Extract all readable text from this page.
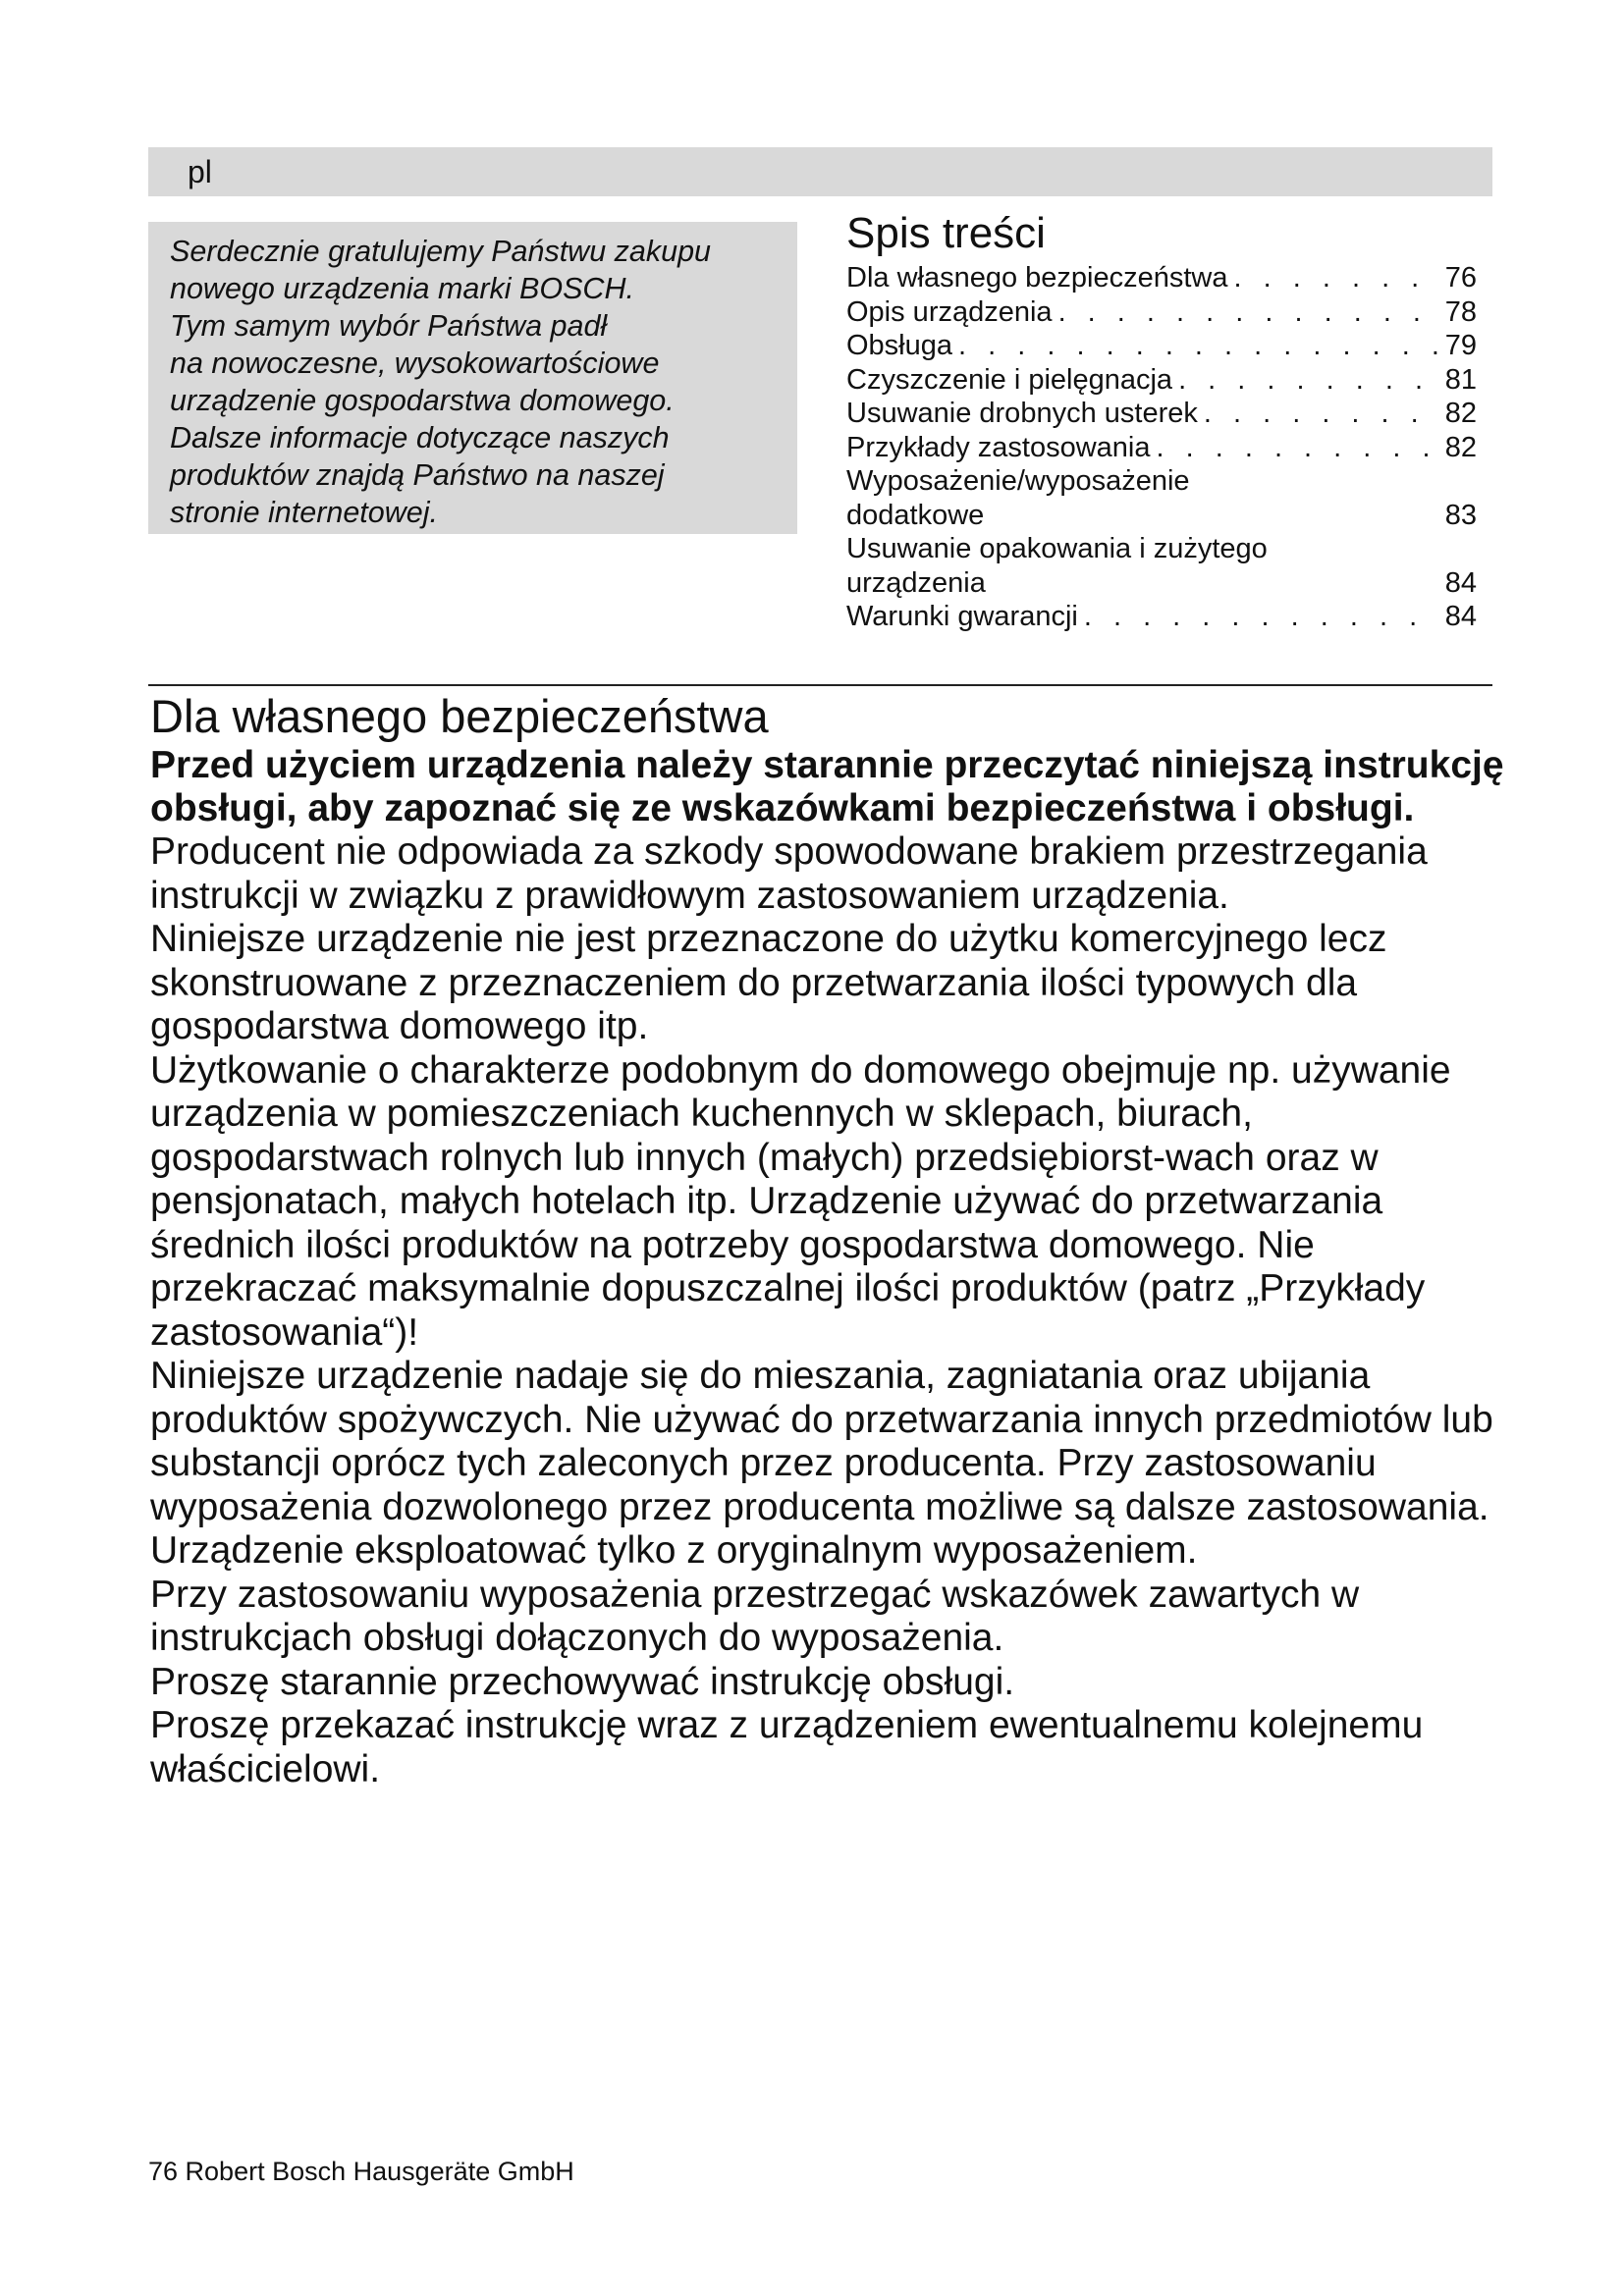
pl
Serdecznie gratulujemy Państwu zakupu
nowego urządzenia marki BOSCH.
Tym samym wybór Państwa padł
na nowoczesne, wysokowartościowe
urządzenie gospodarstwa domowego.
Dalsze informacje dotyczące naszych
produktów znajdą Państwo na naszej
stronie internetowej.
Spis treści
Dla własnego bezpieczeństwa . . .	76
Opis urządzenia . . .	78
Obsługa . . .	79
Czyszczenie i pielęgnacja . . .	81
Usuwanie drobnych usterek . . .	82
Przykłady zastosowania . . .	82
Wyposażenie/wyposażenie
dodatkowe	83
Usuwanie opakowania i zużytego
urządzenia	84
Warunki gwarancji . . .	84
Dla własnego bezpieczeństwa

Przed użyciem urządzenia należy starannie przeczytać niniejszą instrukcję obsługi, aby zapoznać się ze wskazówkami bezpieczeństwa i obsługi.

Producent nie odpowiada za szkody spowodowane brakiem przestrzegania instrukcji w związku z prawidłowym zastosowaniem urządzenia.

Niniejsze urządzenie nie jest przeznaczone do użytku komercyjnego lecz skonstruowane z przeznaczeniem do przetwarzania ilości typowych dla gospodarstwa domowego itp.

Użytkowanie o charakterze podobnym do domowego obejmuje np. używanie urządzenia w pomieszczeniach kuchennych w sklepach, biurach, gospodarstwach rolnych lub innych (małych) przedsiębiorst-wach oraz w pensjonatach, małych hotelach itp. Urządzenie używać do przetwarzania średnich ilości produktów na potrzeby gospodarstwa domowego. Nie przekraczać maksymalnie dopuszczalnej ilości produktów (patrz „Przykłady zastosowania“)!

Niniejsze urządzenie nadaje się do mieszania, zagniatania oraz ubijania produktów spożywczych. Nie używać do przetwarzania innych przedmiotów lub substancji oprócz tych zaleconych przez producenta. Przy zastosowaniu wyposażenia dozwolonego przez producenta możliwe są dalsze zastosowania.

Urządzenie eksploatować tylko z oryginalnym wyposażeniem.

Przy zastosowaniu wyposażenia przestrzegać wskazówek zawartych w instrukcjach obsługi dołączonych do wyposażenia.

Proszę starannie przechowywać instrukcję obsługi.

Proszę przekazać instrukcję wraz z urządzeniem ewentualnemu kolejnemu właścicielowi.

76 Robert Bosch Hausgeräte GmbH
